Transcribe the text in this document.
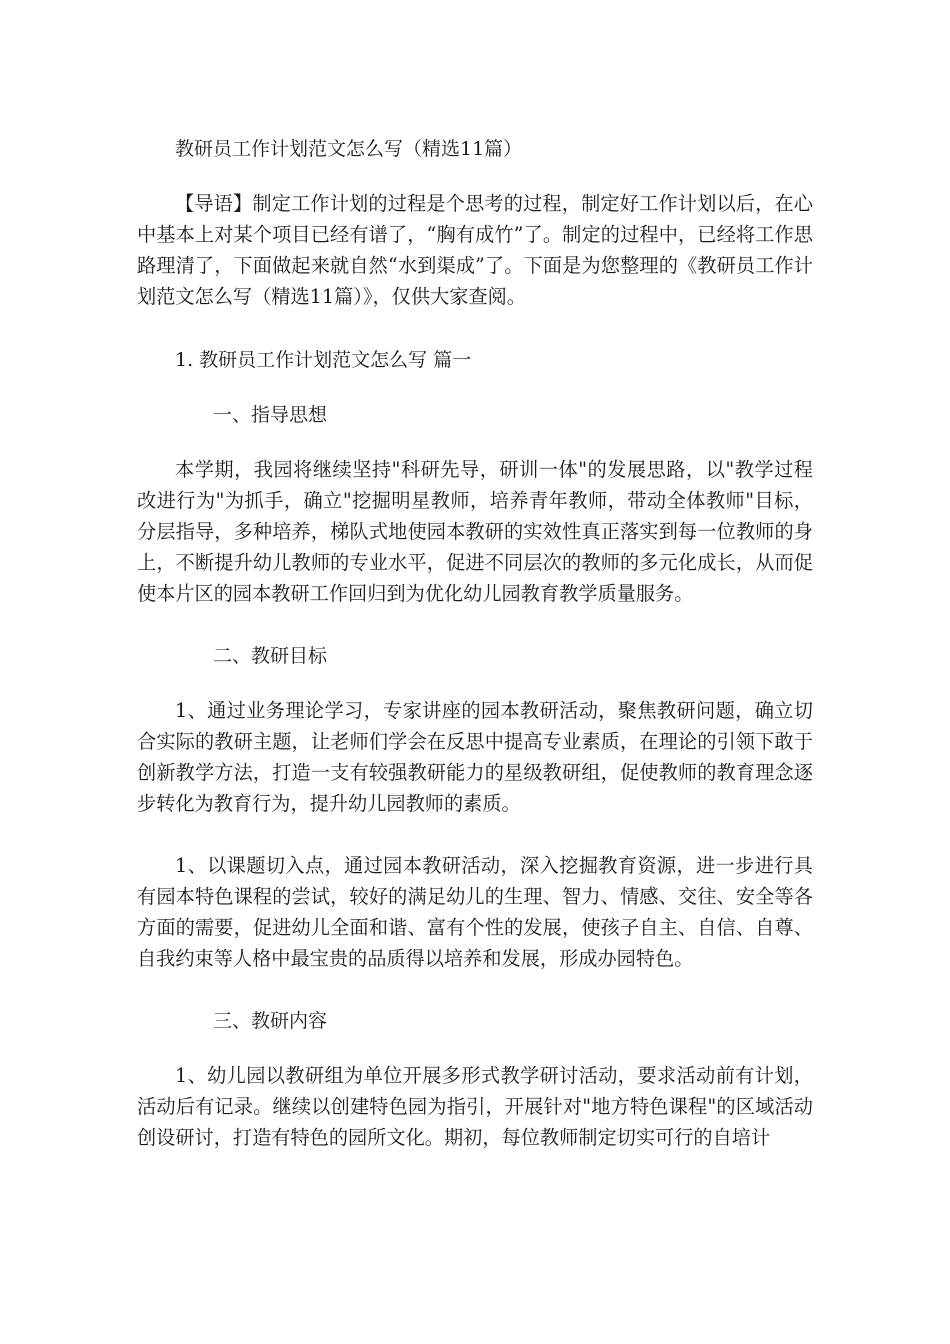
教研员工作计划范文怎么写（精选11篇）

【导语】制定工作计划的过程是个思考的过程，制定好工作计划以后，在心中基本上对某个项目已经有谱了，“胸有成竹”了。制定的过程中，已经将工作思路理清了，下面做起来就自然“水到渠成”了。下面是为您整理的《教研员工作计划范文怎么写（精选11篇）》，仅供大家查阅。

1. 教研员工作计划范文怎么写 篇一
一、指导思想

本学期，我园将继续坚持"科研先导，研训一体"的发展思路，以"教学过程改进行为"为抓手，确立"挖掘明星教师，培养青年教师，带动全体教师"目标，分层指导，多种培养，梯队式地使园本教研的实效性真正落实到每一位教师的身上，不断提升幼儿教师的专业水平，促进不同层次的教师的多元化成长，从而促使本片区的园本教研工作回归到为优化幼儿园教育教学质量服务。

二、教研目标

1、通过业务理论学习，专家讲座的园本教研活动，聚焦教研问题，确立切合实际的教研主题，让老师们学会在反思中提高专业素质，在理论的引领下敢于创新教学方法，打造一支有较强教研能力的星级教研组，促使教师的教育理念逐步转化为教育行为，提升幼儿园教师的素质。

1、以课题切入点，通过园本教研活动，深入挖掘教育资源，进一步进行具有园本特色课程的尝试，较好的满足幼儿的生理、智力、情感、交往、安全等各方面的需要，促进幼儿全面和谐、富有个性的发展，使孩子自主、自信、自尊、自我约束等人格中最宝贵的品质得以培养和发展，形成办园特色。

三、教研内容

1、幼儿园以教研组为单位开展多形式教学研讨活动，要求活动前有计划，活动后有记录。继续以创建特色园为指引，开展针对"地方特色课程"的区域活动创设研讨，打造有特色的园所文化。期初，每位教师制定切实可行的自培计
